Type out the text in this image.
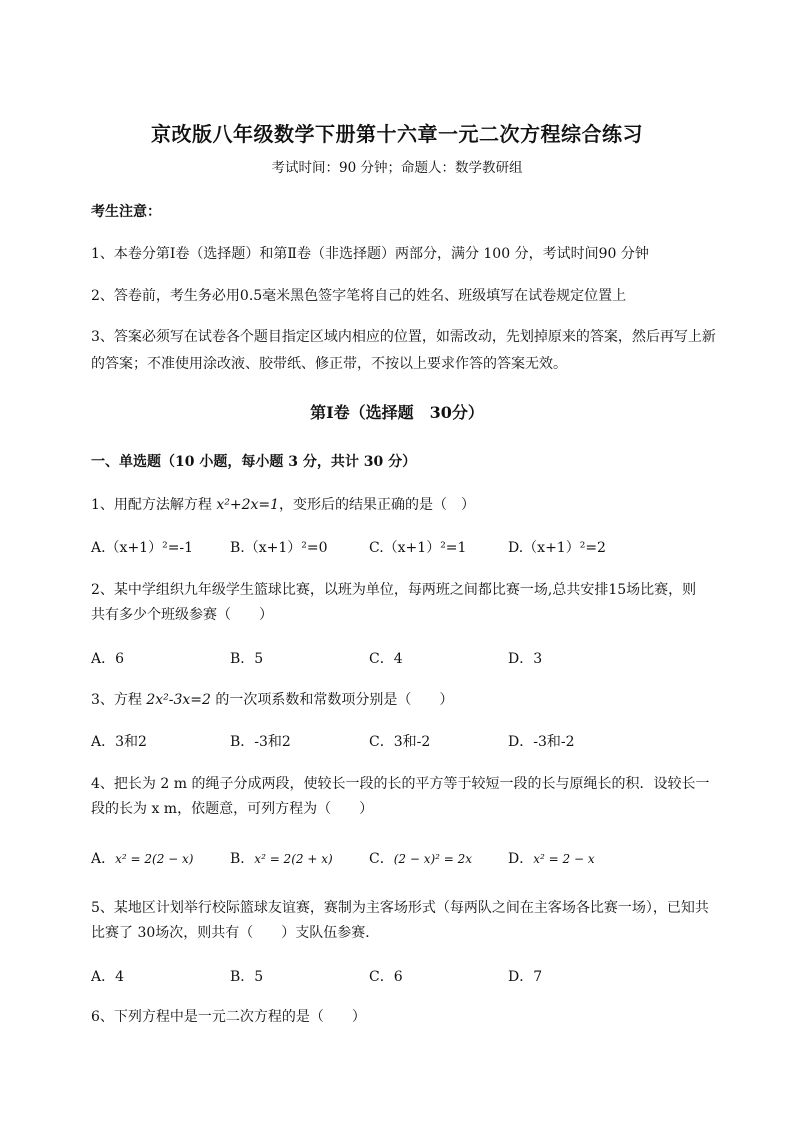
京改版八年级数学下册第十六章一元二次方程综合练习
考试时间：90 分钟；命题人：数学教研组
考生注意：
1、本卷分第Ⅰ卷（选择题）和第Ⅱ卷（非选择题）两部分，满分 100 分，考试时间90 分钟
2、答卷前，考生务必用0.5毫米黑色签字笔将自己的姓名、班级填写在试卷规定位置上
3、答案必须写在试卷各个题目指定区域内相应的位置，如需改动，先划掉原来的答案，然后再写上新
的答案；不准使用涂改液、胶带纸、修正带，不按以上要求作答的答案无效。
第Ⅰ卷（选择题　30分）
一、单选题（10 小题，每小题 3 分，共计 30 分）
1、用配方法解方程 x²+2x=1，变形后的结果正确的是（　）
A.（x+1）²=-1	B.（x+1）²=0	C.（x+1）²=1	D.（x+1）²=2
2、某中学组织九年级学生篮球比赛，以班为单位，每两班之间都比赛一场,总共安排15场比赛，则
共有多少个班级参赛（　　）
A．6	B．5	C．4	D．3
3、方程 2x²-3x=2 的一次项系数和常数项分别是（　　）
A．3和2	B．-3和2	C．3和-2	D．-3和-2
4、把长为 2 m 的绳子分成两段，使较长一段的长的平方等于较短一段的长与原绳长的积．设较长一
段的长为 x m，依题意，可列方程为（　　）
A．x² = 2(2 − x)	B．x² = 2(2 + x)	C．(2 − x)² = 2x	D．x² = 2 − x
5、某地区计划举行校际篮球友谊赛，赛制为主客场形式（每两队之间在主客场各比赛一场），已知共
比赛了 30场次，则共有（　　）支队伍参赛．
A．4	B．5	C．6	D．7
6、下列方程中是一元二次方程的是（　　）
